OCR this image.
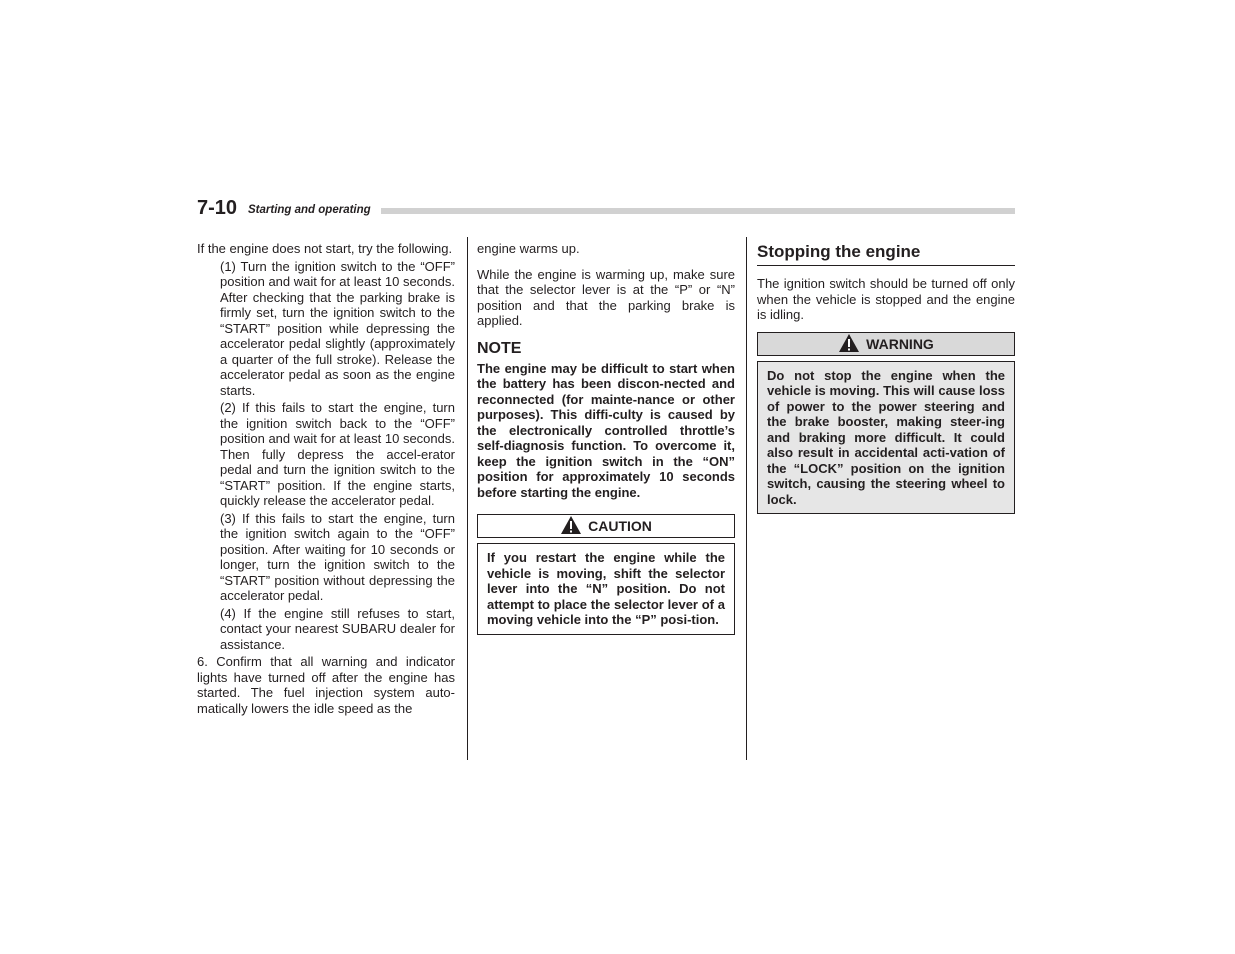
7-10 Starting and operating

If the engine does not start, try the following.

(1) Turn the ignition switch to the “OFF” position and wait for at least 10 seconds. After checking that the parking brake is firmly set, turn the ignition switch to the “START” position while depressing the accelerator pedal slightly (approximately a quarter of the full stroke). Release the accelerator pedal as soon as the engine starts.

(2) If this fails to start the engine, turn the ignition switch back to the “OFF” position and wait for at least 10 seconds. Then fully depress the accel-erator pedal and turn the ignition switch to the “START” position. If the engine starts, quickly release the accelerator pedal.

(3) If this fails to start the engine, turn the ignition switch again to the “OFF” position. After waiting for 10 seconds or longer, turn the ignition switch to the “START” position without depressing the accelerator pedal.

(4) If the engine still refuses to start, contact your nearest SUBARU dealer for assistance.

6. Confirm that all warning and indicator lights have turned off after the engine has started. The fuel injection system auto-matically lowers the idle speed as the

engine warms up.

While the engine is warming up, make sure that the selector lever is at the “P” or “N” position and that the parking brake is applied.

NOTE

The engine may be difficult to start when the battery has been discon-nected and reconnected (for mainte-nance or other purposes). This diffi-culty is caused by the electronically controlled throttle’s self-diagnosis function. To overcome it, keep the ignition switch in the “ON” position for approximately 10 seconds before starting the engine.

CAUTION

If you restart the engine while the vehicle is moving, shift the selector lever into the “N” position. Do not attempt to place the selector lever of a moving vehicle into the “P” posi-tion.

Stopping the engine

The ignition switch should be turned off only when the vehicle is stopped and the engine is idling.

WARNING

Do not stop the engine when the vehicle is moving. This will cause loss of power to the power steering and the brake booster, making steer-ing and braking more difficult. It could also result in accidental acti-vation of the “LOCK” position on the ignition switch, causing the steering wheel to lock.
